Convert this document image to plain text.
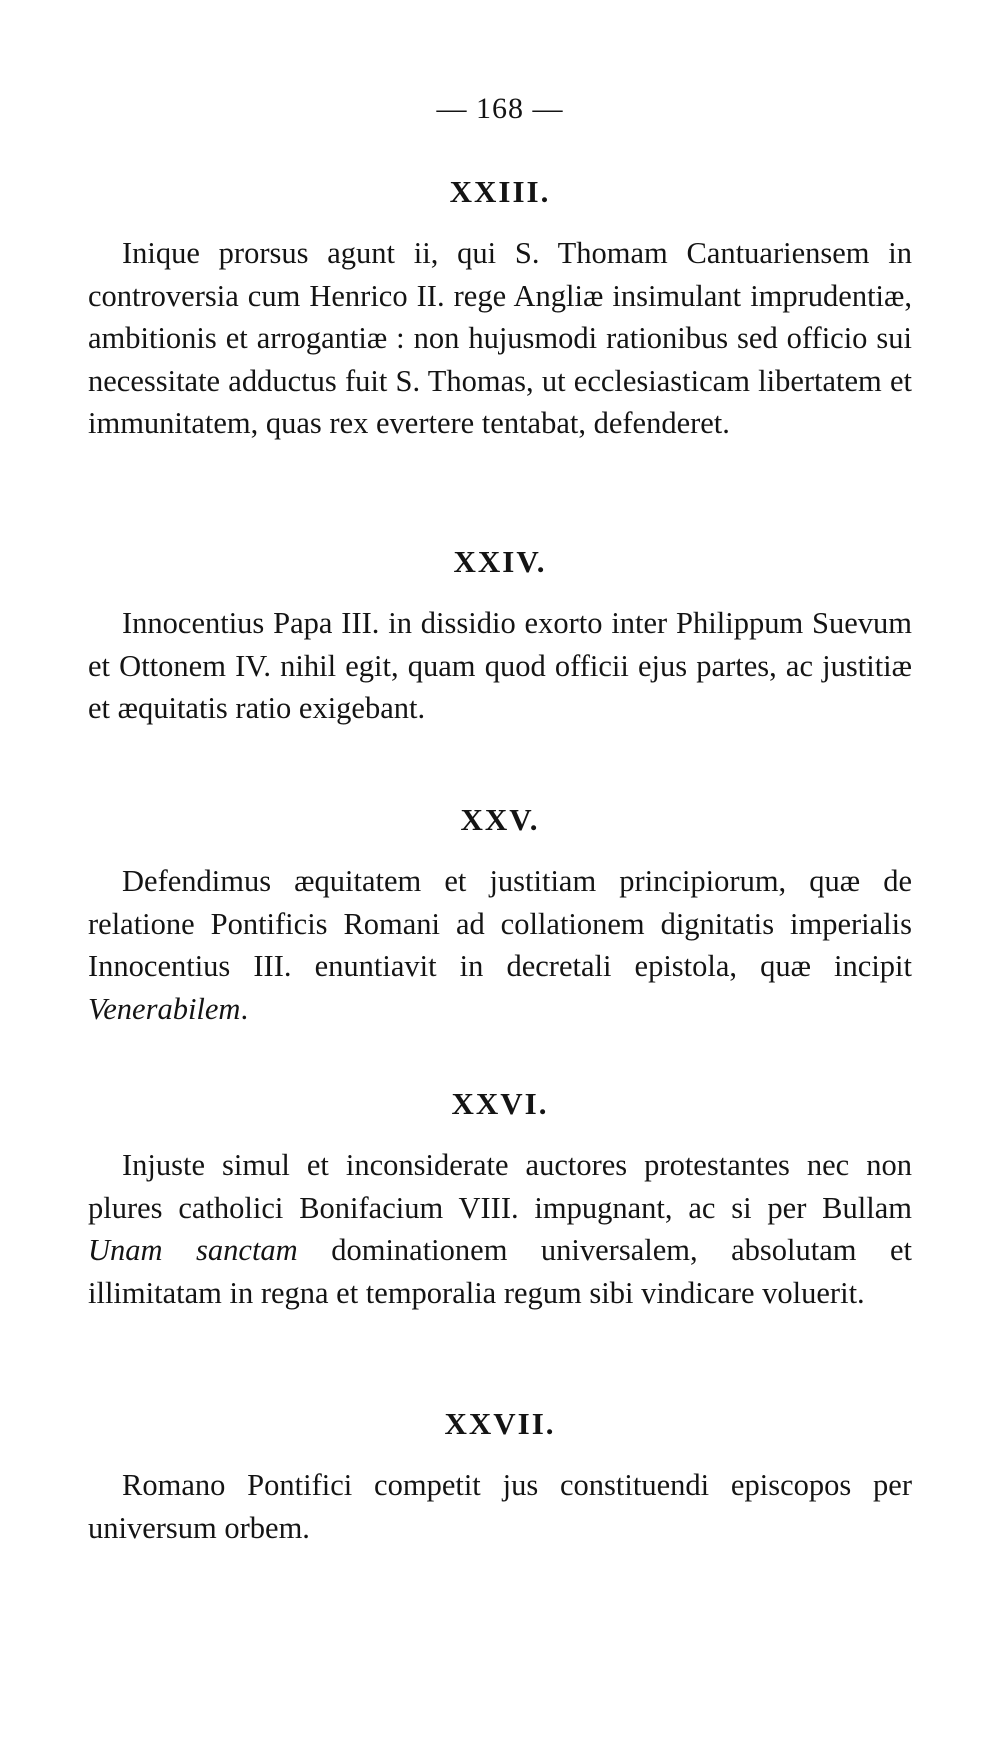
— 168 —
XXIII.

Inique prorsus agunt ii, qui S. Thomam Cantuariensem in controversia cum Henrico II. rege Angliæ insimulant imprudentiæ, ambitionis et arrogantiæ : non hujusmodi rationibus sed officio sui necessitate adductus fuit S. Thomas, ut ecclesiasticam libertatem et immunitatem, quas rex evertere tentabat, defenderet.

XXIV.

Innocentius Papa III. in dissidio exorto inter Philippum Suevum et Ottonem IV. nihil egit, quam quod officii ejus partes, ac justitiæ et æquitatis ratio exigebant.

XXV.

Defendimus æquitatem et justitiam principiorum, quæ de relatione Pontificis Romani ad collationem dignitatis imperialis Innocentius III. enuntiavit in decretali epistola, quæ incipit Venerabilem.

XXVI.

Injuste simul et inconsiderate auctores protestantes nec non plures catholici Bonifacium VIII. impugnant, ac si per Bullam Unam sanctam dominationem universalem, absolutam et illimitatam in regna et temporalia regum sibi vindicare voluerit.

XXVII.

Romano Pontifici competit jus constituendi episcopos per universum orbem.
